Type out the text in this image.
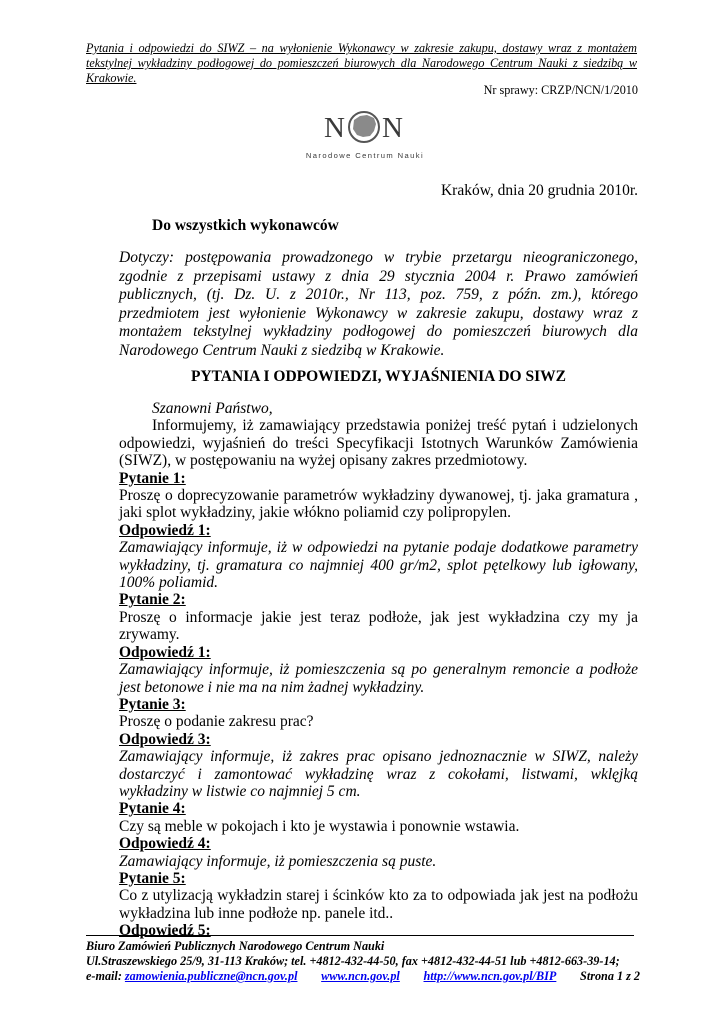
Pytania i odpowiedzi do SIWZ – na wyłonienie Wykonawcy w zakresie zakupu, dostawy wraz z montażem tekstylnej wykładziny podłogowej do pomieszczeń biurowych dla Narodowego Centrum Nauki z siedzibą w Krakowie.
Nr sprawy: CRZP/NCN/1/2010
N N
Narodowe Centrum Nauki
Kraków, dnia 20 grudnia 2010r.
Do wszystkich wykonawców
Dotyczy: postępowania prowadzonego w trybie przetargu nieograniczonego, zgodnie z przepisami ustawy z dnia 29 stycznia 2004 r. Prawo zamówień publicznych, (tj. Dz. U. z 2010r., Nr 113, poz. 759, z późn. zm.), którego przedmiotem jest wyłonienie Wykonawcy w zakresie zakupu, dostawy wraz z montażem tekstylnej wykładziny podłogowej do pomieszczeń biurowych dla Narodowego Centrum Nauki z siedzibą w Krakowie.
PYTANIA I ODPOWIEDZI, WYJAŚNIENIA DO SIWZ

Szanowni Państwo,

Informujemy, iż zamawiający przedstawia poniżej treść pytań i udzielonych odpowiedzi, wyjaśnień do treści Specyfikacji Istotnych Warunków Zamówienia (SIWZ), w postępowaniu na wyżej opisany zakres przedmiotowy.

Pytanie 1:

Proszę o doprecyzowanie parametrów wykładziny dywanowej, tj. jaka gramatura , jaki splot wykładziny, jakie włókno poliamid czy polipropylen.

Odpowiedź 1:

Zamawiający informuje, iż w odpowiedzi na pytanie podaje dodatkowe parametry wykładziny, tj. gramatura co najmniej 400 gr/m2, splot pętelkowy lub igłowany, 100% poliamid.

Pytanie 2:

Proszę o informacje jakie jest teraz podłoże, jak jest wykładzina czy my ja zrywamy.

Odpowiedź 1:

Zamawiający informuje, iż pomieszczenia są po generalnym remoncie a podłoże jest betonowe i nie ma na nim żadnej wykładziny.

Pytanie 3:

Proszę o podanie zakresu prac?

Odpowiedź 3:

Zamawiający informuje, iż zakres prac opisano jednoznacznie w SIWZ, należy dostarczyć i zamontować wykładzinę wraz z cokołami, listwami, wklęjką wykładziny w listwie co najmniej 5 cm.

Pytanie 4:

Czy są meble w pokojach i kto je wystawia i ponownie wstawia.

Odpowiedź 4:

Zamawiający informuje, iż pomieszczenia są puste.

Pytanie 5:

Co z utylizacją wykładzin starej i ścinków kto za to odpowiada jak jest na podłożu wykładzina lub inne podłoże np. panele itd..

Odpowiedź 5:

Biuro Zamówień Publicznych Narodowego Centrum Nauki
Ul.Straszewskiego 25/9, 31-113 Kraków; tel. +4812-432-44-50, fax +4812-432-44-51 lub +4812-663-39-14;
e-mail: zamowienia.publiczne@ncn.gov.pl www.ncn.gov.pl http://www.ncn.gov.pl/BIP Strona 1 z 2
